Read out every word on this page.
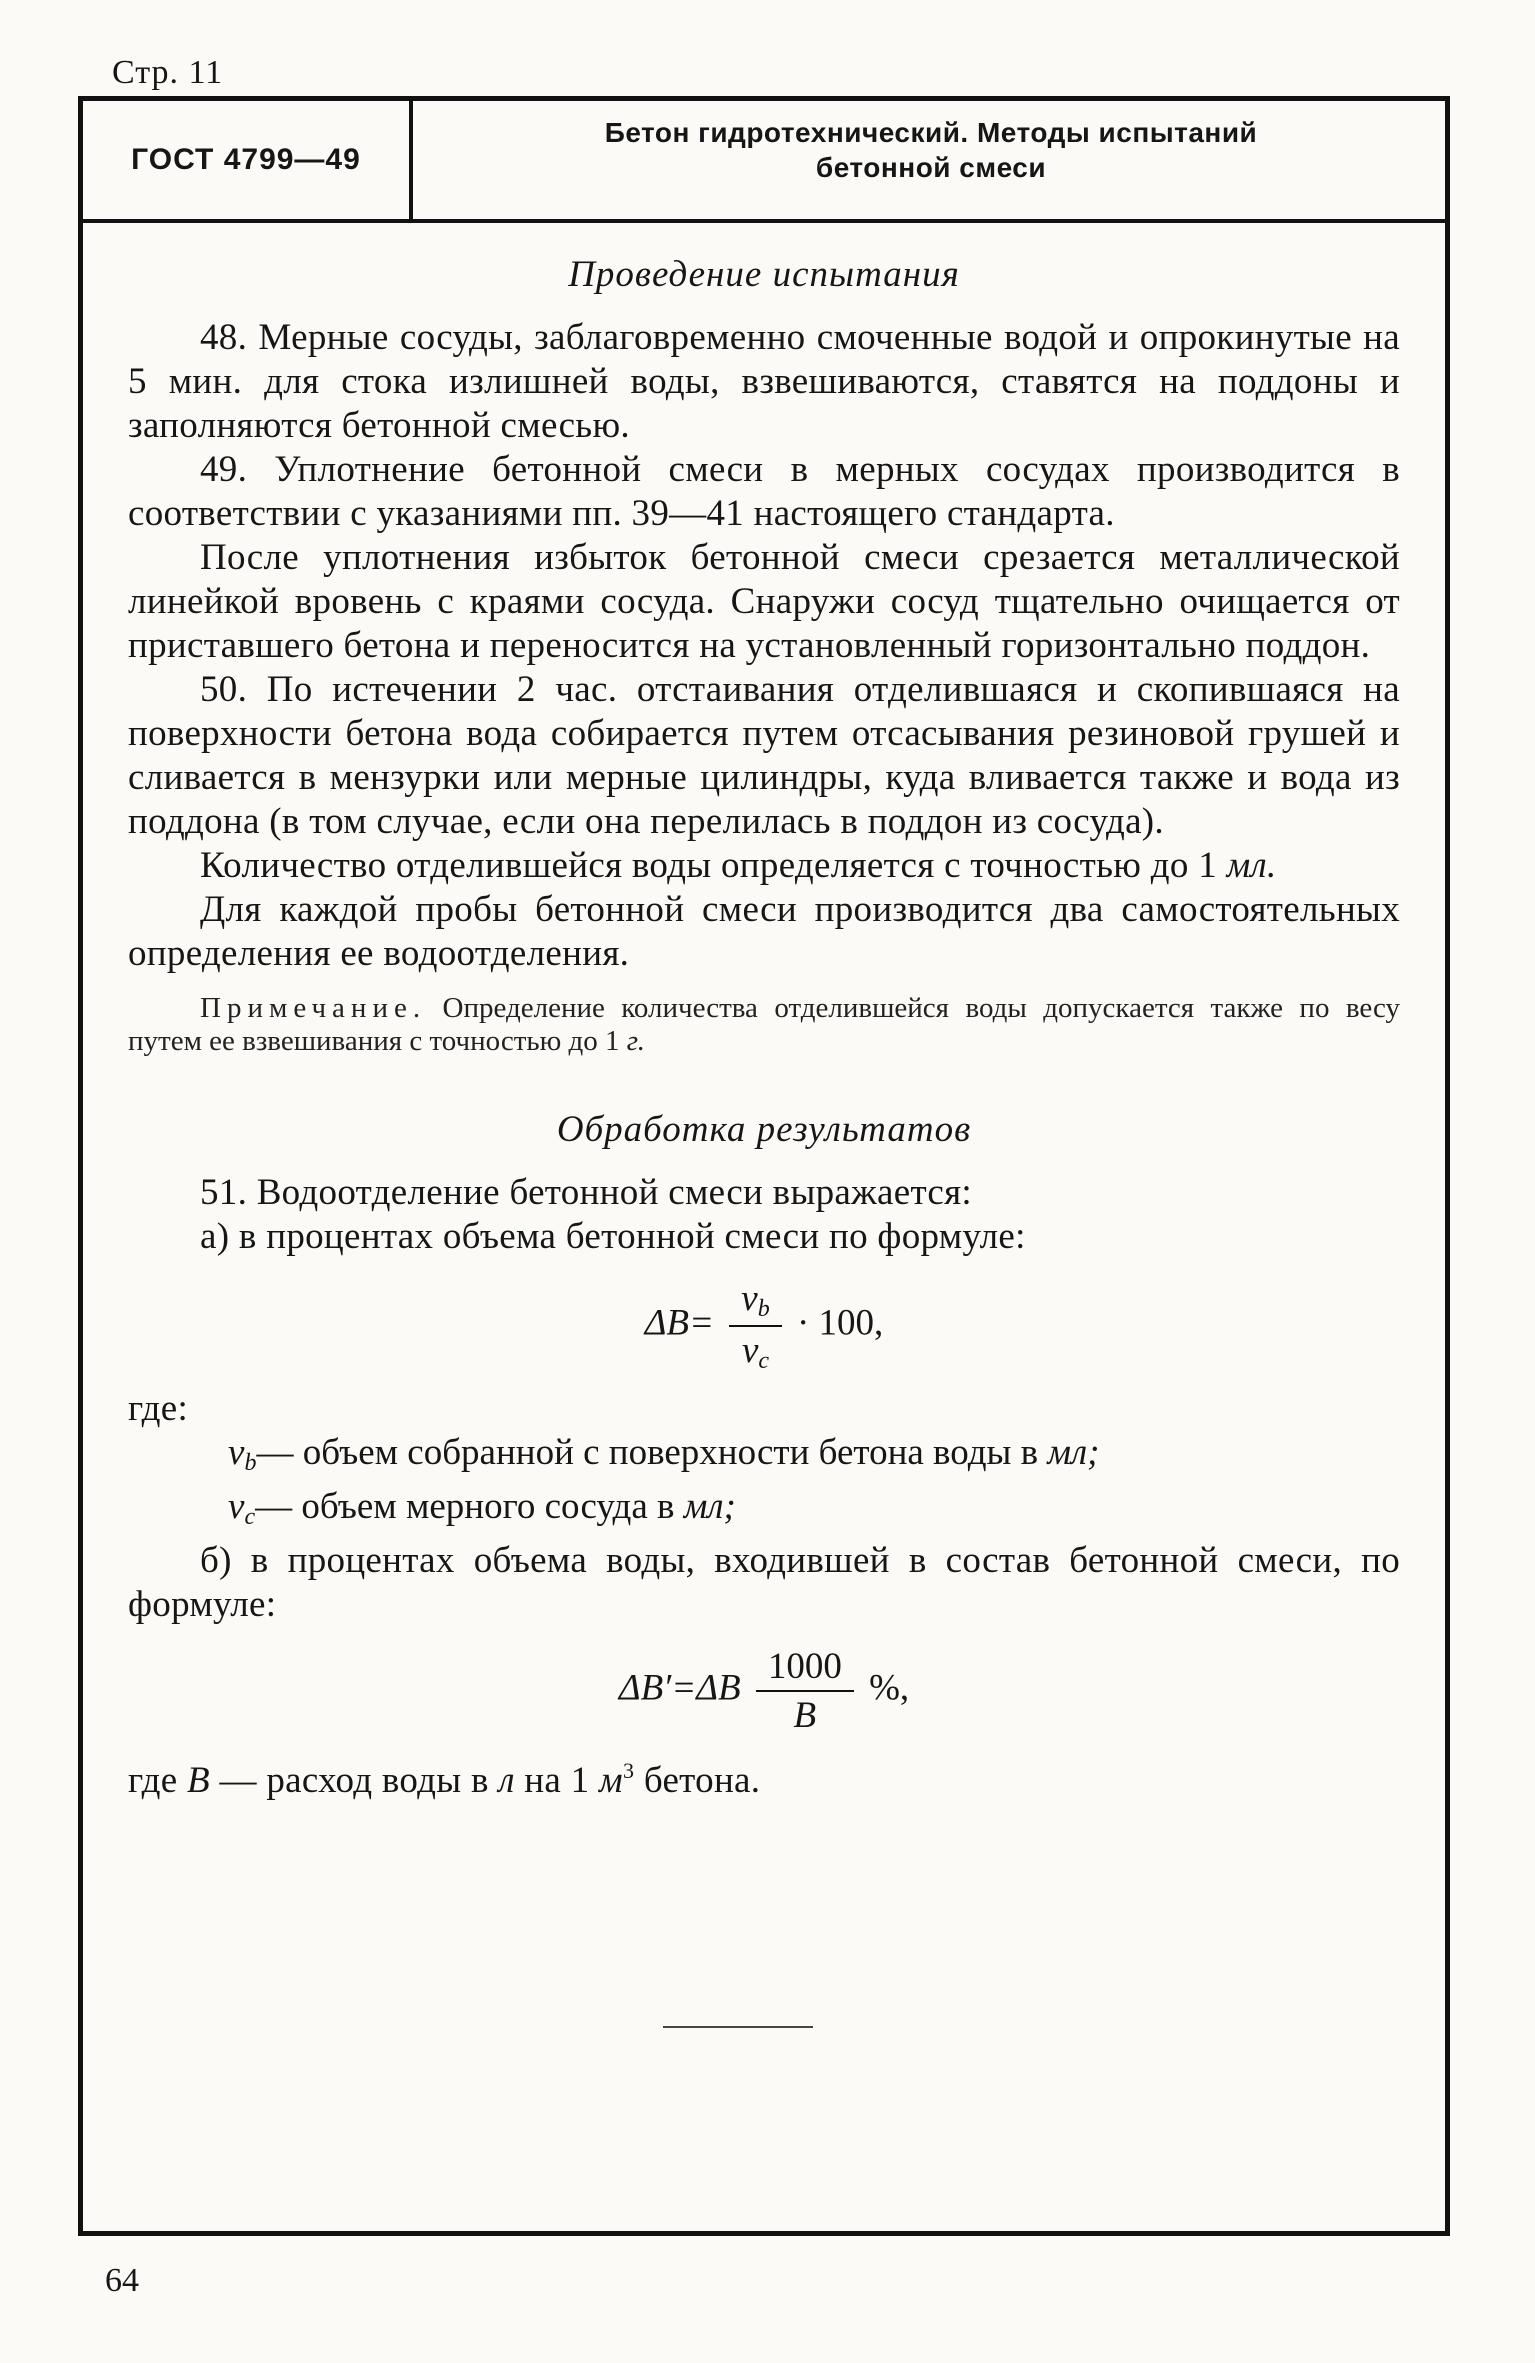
Стр. 11
ГОСТ 4799—49
Бетон гидротехнический. Методы испытаний
бетонной смеси

Проведение испытания

48. Мерные сосуды, заблаговременно смоченные водой и опрокинутые на 5 мин. для стока излишней воды, взвешиваются, ставятся на поддоны и заполняются бетонной смесью.

49. Уплотнение бетонной смеси в мерных сосудах производится в соответствии с указаниями пп. 39—41 настоящего стандарта.

После уплотнения избыток бетонной смеси срезается металлической линейкой вровень с краями сосуда. Снаружи сосуд тщательно очищается от приставшего бетона и переносится на установленный горизонтально поддон.

50. По истечении 2 час. отстаивания отделившаяся и скопившаяся на поверхности бетона вода собирается путем отсасывания резиновой грушей и сливается в мензурки или мерные цилиндры, куда вливается также и вода из поддона (в том случае, если она перелилась в поддон из сосуда).

Количество отделившейся воды определяется с точностью до 1 мл.

Для каждой пробы бетонной смеси производится два самостоятельных определения ее водоотделения.

Примечание. Определение количества отделившейся воды допускается также по весу путем ее взвешивания с точностью до 1 г.

Обработка результатов

51. Водоотделение бетонной смеси выражается:

а) в процентах объема бетонной смеси по формуле:

$\Delta B= \frac{v_b}{v_c} \cdot 100$,

где:

$v_b—$ объем собранной с поверхности бетона воды в мл;

$v_c—$ объем мерного сосуда в мл;

б) в процентах объема воды, входившей в состав бетонной смеси, по формуле:

$\Delta B'=\Delta B \frac{1000}{B}$ %,

где B — расход воды в л на 1 $м^3$ бетона.

64
